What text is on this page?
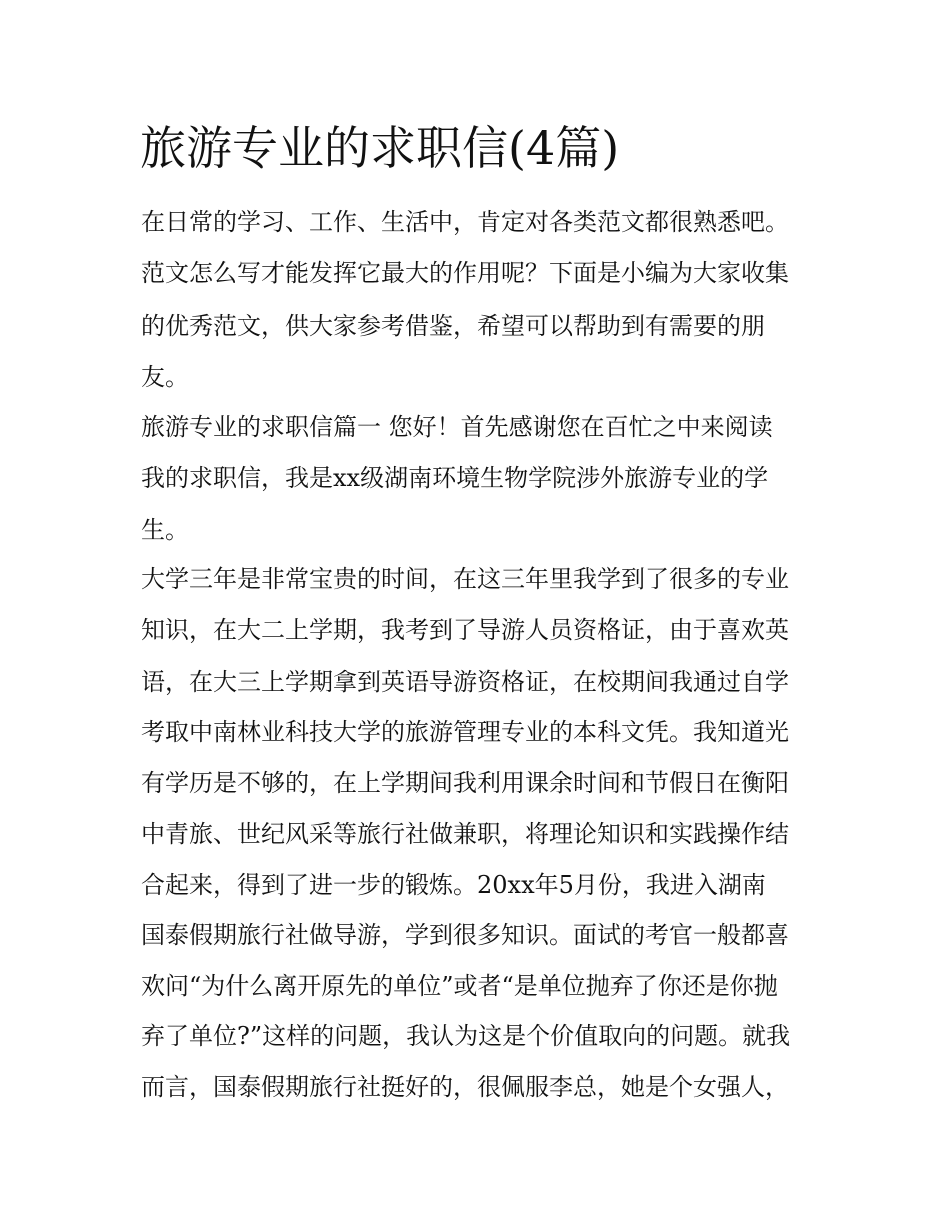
旅游专业的求职信(4篇)

在日常的学习、工作、生活中，肯定对各类范文都很熟悉吧。

范文怎么写才能发挥它最大的作用呢？下面是小编为大家收集

的优秀范文，供大家参考借鉴，希望可以帮助到有需要的朋

友。

旅游专业的求职信篇一 您好！首先感谢您在百忙之中来阅读

我的求职信，我是xx级湖南环境生物学院涉外旅游专业的学

生。

大学三年是非常宝贵的时间，在这三年里我学到了很多的专业

知识，在大二上学期，我考到了导游人员资格证，由于喜欢英

语，在大三上学期拿到英语导游资格证，在校期间我通过自学

考取中南林业科技大学的旅游管理专业的本科文凭。我知道光

有学历是不够的，在上学期间我利用课余时间和节假日在衡阳

中青旅、世纪风采等旅行社做兼职，将理论知识和实践操作结

合起来，得到了进一步的锻炼。20xx年5月份，我进入湖南

国泰假期旅行社做导游，学到很多知识。面试的考官一般都喜

欢问“为什么离开原先的单位”或者“是单位抛弃了你还是你抛

弃了单位?”这样的问题，我认为这是个价值取向的问题。就我

而言，国泰假期旅行社挺好的，很佩服李总，她是个女强人，
